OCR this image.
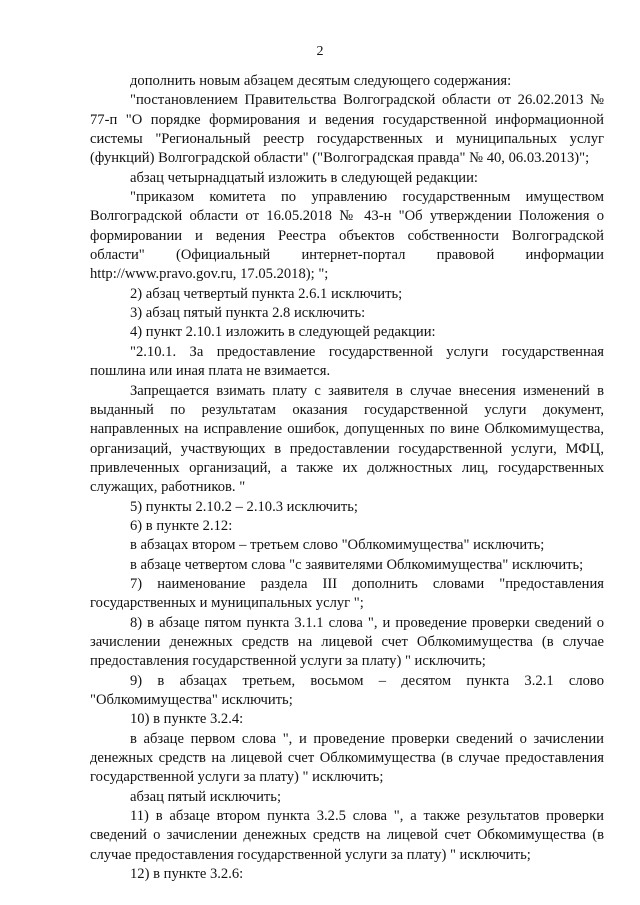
2

дополнить новым абзацем десятым следующего содержания:

"постановлением Правительства Волгоградской области от 26.02.2013 № 77-п "О порядке формирования и ведения государственной информационной системы "Региональный реестр государственных и муниципальных услуг (функций) Волгоградской области" ("Волгоградская правда" № 40, 06.03.2013)";

абзац четырнадцатый изложить в следующей редакции:

"приказом комитета по управлению государственным имуществом Волгоградской области от 16.05.2018 № 43-н "Об утверждении Положения о формировании и ведения Реестра объектов собственности Волгоградской области" (Официальный интернет-портал правовой информации http://www.pravo.gov.ru, 17.05.2018); ";

2) абзац четвертый пункта 2.6.1 исключить;

3) абзац пятый пункта 2.8 исключить:

4) пункт 2.10.1 изложить в следующей редакции:

"2.10.1. За предоставление государственной услуги государственная пошлина или иная плата не взимается.

Запрещается взимать плату с заявителя в случае внесения изменений в выданный по результатам оказания государственной услуги документ, направленных на исправление ошибок, допущенных по вине Облкомимущества, организаций, участвующих в предоставлении государственной услуги, МФЦ, привлеченных организаций, а также их должностных лиц, государственных служащих, работников. "

5) пункты 2.10.2 – 2.10.3 исключить;

6) в пункте 2.12:

в абзацах втором – третьем слово "Облкомимущества" исключить;

в абзаце четвертом слова "с заявителями Облкомимущества" исключить;

7) наименование раздела III дополнить словами "предоставления государственных и муниципальных услуг ";

8) в абзаце пятом пункта 3.1.1 слова ", и проведение проверки сведений о зачислении денежных средств на лицевой счет Облкомимущества (в случае предоставления государственной услуги за плату) " исключить;

9) в абзацах третьем, восьмом – десятом пункта 3.2.1 слово "Облкомимущества" исключить;

10) в пункте 3.2.4:

в абзаце первом слова ", и проведение проверки сведений о зачислении денежных средств на лицевой счет Облкомимущества (в случае предоставления государственной услуги за плату) " исключить;

абзац пятый исключить;

11) в абзаце втором пункта 3.2.5 слова ", а также результатов проверки сведений о зачислении денежных средств на лицевой счет Обкомимущества (в случае предоставления государственной услуги за плату) " исключить;

12) в пункте 3.2.6:
